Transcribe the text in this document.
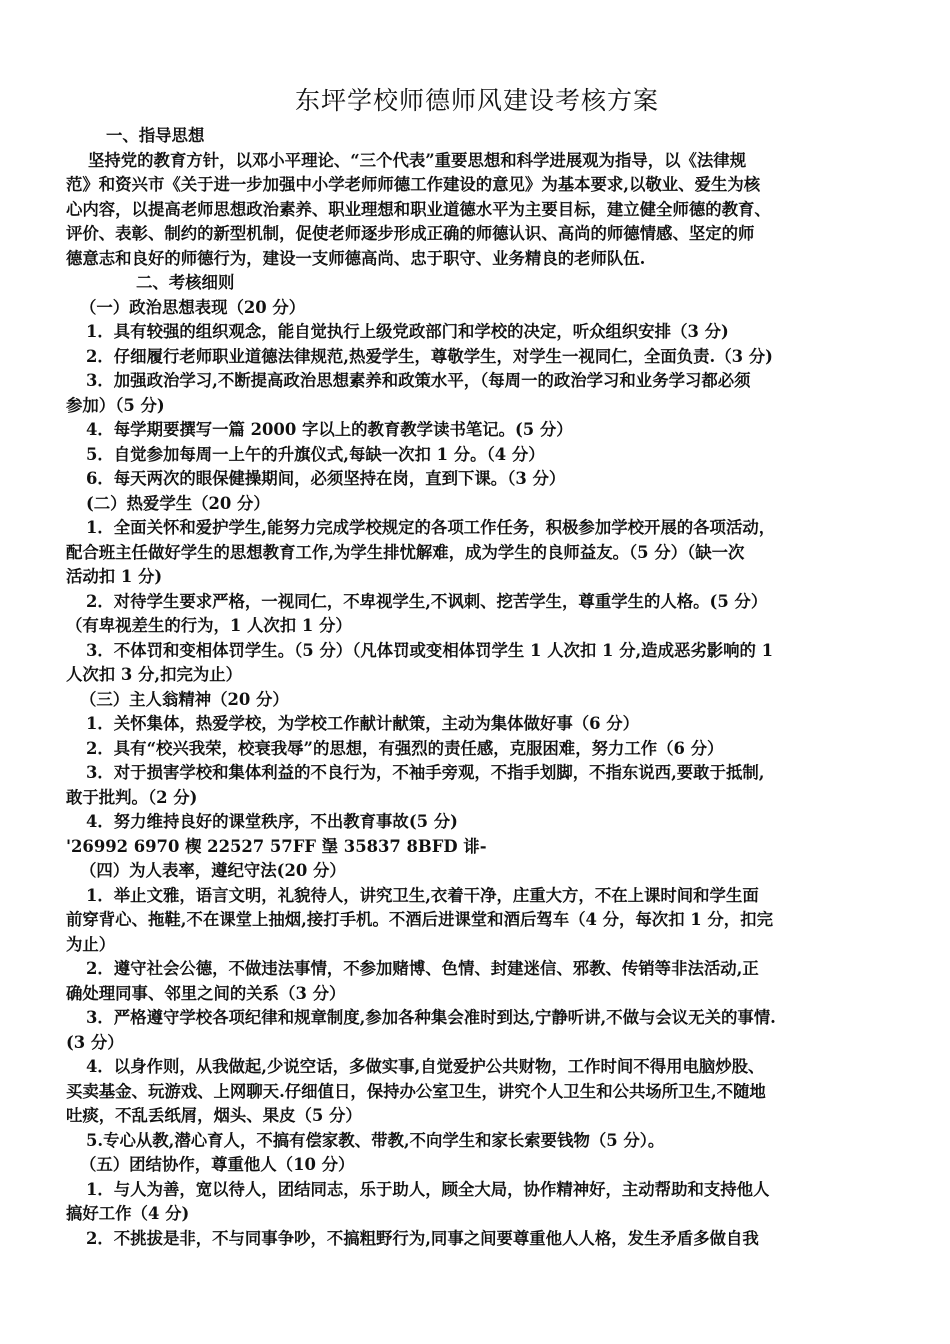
东坪学校师德师风建设考核方案
一、指导思想
坚持党的教育方针，以邓小平理论、“三个代表”重要思想和科学进展观为指导，以《法律规
范》和资兴市《关于进一步加强中小学老师师德工作建设的意见》为基本要求,以敬业、爱生为核
心内容，以提高老师思想政治素养、职业理想和职业道德水平为主要目标，建立健全师德的教育、
评价、表彰、制约的新型机制，促使老师逐步形成正确的师德认识、高尚的师德情感、坚定的师
德意志和良好的师德行为，建设一支师德高尚、忠于职守、业务精良的老师队伍.
二、考核细则
（一）政治思想表现（20 分）
1．具有较强的组织观念，能自觉执行上级党政部门和学校的决定，听众组织安排（3 分)
2．仔细履行老师职业道德法律规范,热爱学生，尊敬学生，对学生一视同仁，全面负责.（3 分)
3．加强政治学习,不断提高政治思想素养和政策水平，（每周一的政治学习和业务学习都必须
参加）（5 分)
4．每学期要撰写一篇 2000 字以上的教育教学读书笔记。(5 分）
5．自觉参加每周一上午的升旗仪式,每缺一次扣 1 分。（4 分）
6．每天两次的眼保健操期间，必须坚持在岗，直到下课。（3 分）
(二）热爱学生（20 分）
1．全面关怀和爱护学生,能努力完成学校规定的各项工作任务，积极参加学校开展的各项活动，
配合班主任做好学生的思想教育工作,为学生排忧解难，成为学生的良师益友。（5 分）（缺一次
活动扣 1 分)
2．对待学生要求严格，一视同仁，不卑视学生,不讽刺、挖苦学生，尊重学生的人格。(5 分）
（有卑视差生的行为，1 人次扣 1 分）
3．不体罚和变相体罚学生。（5 分）（凡体罚或变相体罚学生 1 人次扣 1 分,造成恶劣影响的 1
人次扣 3 分,扣完为止）
（三）主人翁精神（20 分）
1．关怀集体，热爱学校，为学校工作献计献策，主动为集体做好事（6 分）
2．具有“校兴我荣，校衰我辱”的思想，有强烈的责任感，克服困难，努力工作（6 分）
3．对于损害学校和集体利益的不良行为，不袖手旁观，不指手划脚，不指东说西,要敢于抵制,
敢于批判。（2 分)
4．努力维持良好的课堂秩序，不出教育事故(5 分)
'26992 6970 楔 22527 57FF 塣 35837 8BFD 诽-
（四）为人表率，遵纪守法(20 分）
1．举止文雅，语言文明，礼貌待人，讲究卫生,衣着干净，庄重大方，不在上课时间和学生面
前穿背心、拖鞋,不在课堂上抽烟,接打手机。不酒后进课堂和酒后驾车（4 分，每次扣 1 分，扣完
为止）
2．遵守社会公德，不做违法事情，不参加赌博、色情、封建迷信、邪教、传销等非法活动,正
确处理同事、邻里之间的关系（3 分）
3．严格遵守学校各项纪律和规章制度,参加各种集会准时到达,宁静听讲,不做与会议无关的事情.
(3 分）
4．以身作则，从我做起,少说空话，多做实事,自觉爱护公共财物，工作时间不得用电脑炒股、
买卖基金、玩游戏、上网聊天.仔细值日，保持办公室卫生，讲究个人卫生和公共场所卫生,不随地
吐痰，不乱丢纸屑，烟头、果皮（5 分）
5.专心从教,潜心育人，不搞有偿家教、带教,不向学生和家长索要钱物（5 分）。
（五）团结协作，尊重他人（10 分）
1．与人为善，宽以待人，团结同志，乐于助人，顾全大局，协作精神好，主动帮助和支持他人
搞好工作（4 分)
2．不挑拔是非，不与同事争吵，不搞粗野行为,同事之间要尊重他人人格，发生矛盾多做自我
